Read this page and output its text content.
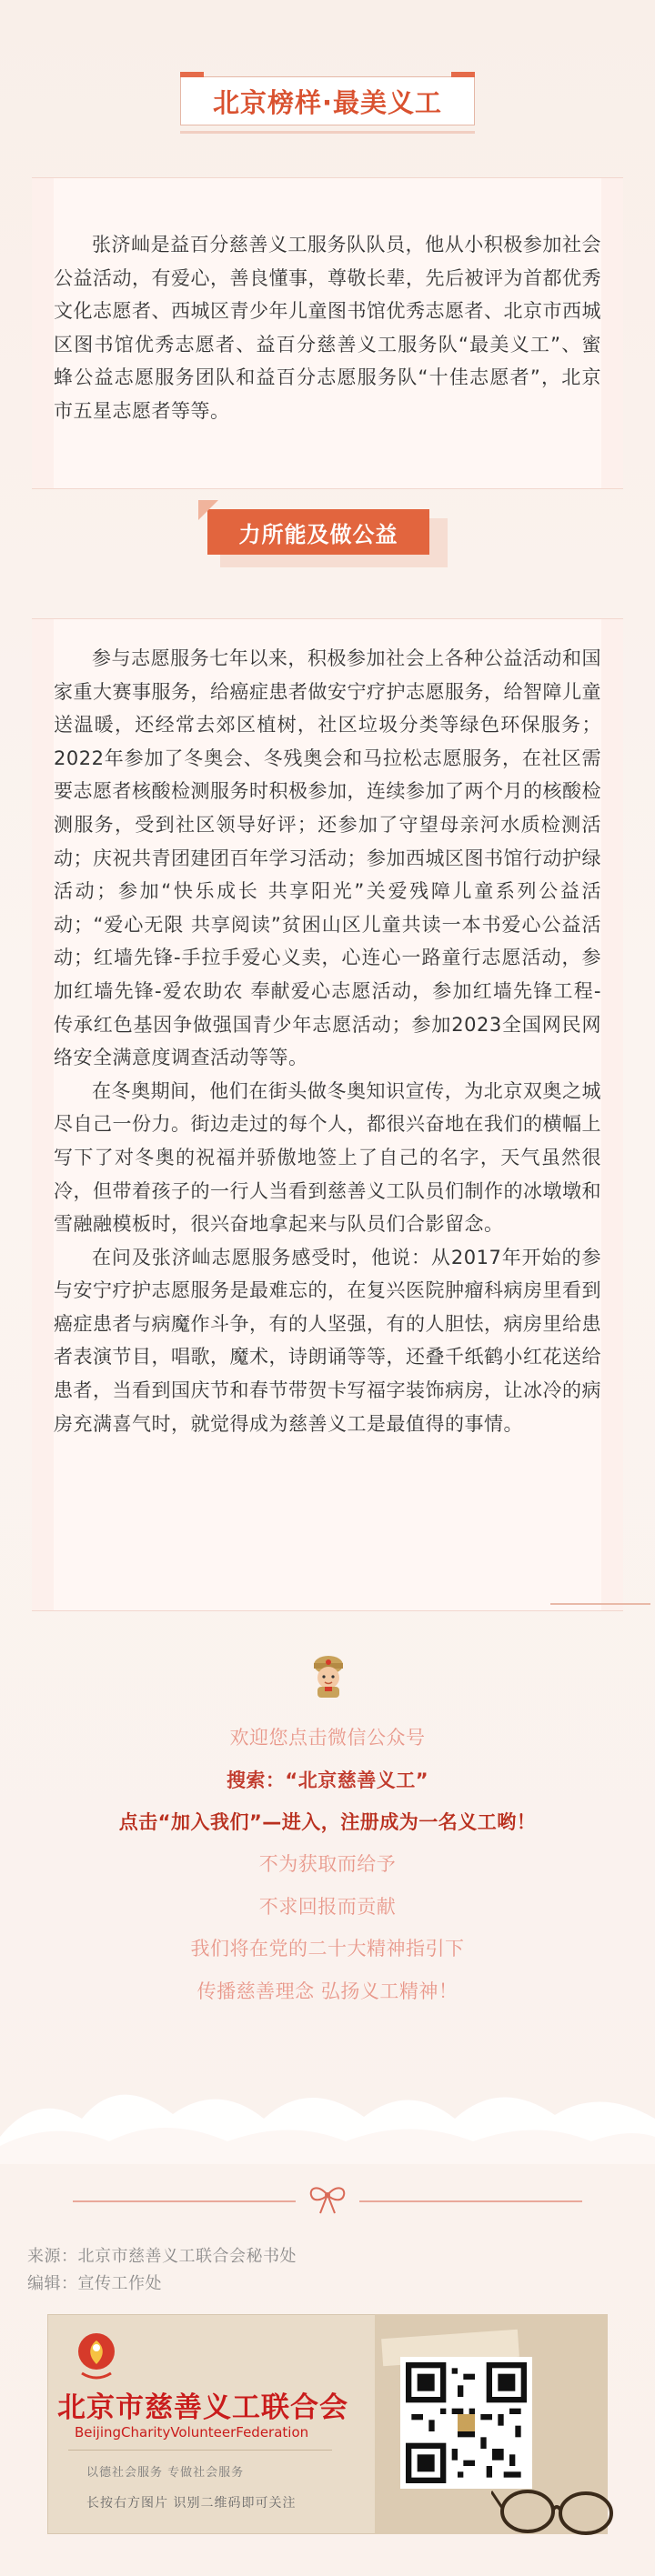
北京榜样·最美义工

张济屾是益百分慈善义工服务队队员，他从小积极参加社会公益活动，有爱心，善良懂事，尊敬长辈，先后被评为首都优秀文化志愿者、西城区青少年儿童图书馆优秀志愿者、北京市西城区图书馆优秀志愿者、益百分慈善义工服务队“最美义工”、蜜蜂公益志愿服务团队和益百分志愿服务队“十佳志愿者”，北京市五星志愿者等等。

力所能及做公益

参与志愿服务七年以来，积极参加社会上各种公益活动和国家重大赛事服务，给癌症患者做安宁疗护志愿服务，给智障儿童送温暖，还经常去郊区植树，社区垃圾分类等绿色环保服务；2022年参加了冬奥会、冬残奥会和马拉松志愿服务，在社区需要志愿者核酸检测服务时积极参加，连续参加了两个月的核酸检测服务，受到社区领导好评；还参加了守望母亲河水质检测活动；庆祝共青团建团百年学习活动；参加西城区图书馆行动护绿活动；参加“快乐成长 共享阳光”关爱残障儿童系列公益活动；“爱心无限 共享阅读”贫困山区儿童共读一本书爱心公益活动；红墙先锋-手拉手爱心义卖，心连心一路童行志愿活动，参加红墙先锋-爱农助农 奉献爱心志愿活动，参加红墙先锋工程-传承红色基因争做强国青少年志愿活动；参加2023全国网民网络安全满意度调查活动等等。

在冬奥期间，他们在街头做冬奥知识宣传，为北京双奥之城尽自己一份力。街边走过的每个人，都很兴奋地在我们的横幅上写下了对冬奥的祝福并骄傲地签上了自己的名字，天气虽然很冷，但带着孩子的一行人当看到慈善义工队员们制作的冰墩墩和雪融融模板时，很兴奋地拿起来与队员们合影留念。

在问及张济屾志愿服务感受时，他说：从2017年开始的参与安宁疗护志愿服务是最难忘的，在复兴医院肿瘤科病房里看到癌症患者与病魔作斗争，有的人坚强，有的人胆怯，病房里给患者表演节目，唱歌，魔术，诗朗诵等等，还叠千纸鹤小红花送给患者，当看到国庆节和春节带贺卡写福字装饰病房，让冰冷的病房充满喜气时，就觉得成为慈善义工是最值得的事情。

欢迎您点击微信公众号
搜索：“北京慈善义工”
点击“加入我们”—进入，注册成为一名义工哟！
不为获取而给予
不求回报而贡献
我们将在党的二十大精神指引下
传播慈善理念 弘扬义工精神！
来源：北京市慈善义工联合会秘书处
编辑：宣传工作处
北京市慈善义工联合会
BeijingCharityVolunteerFederation
以德社会服务 专做社会服务
长按右方图片 识别二维码即可关注
